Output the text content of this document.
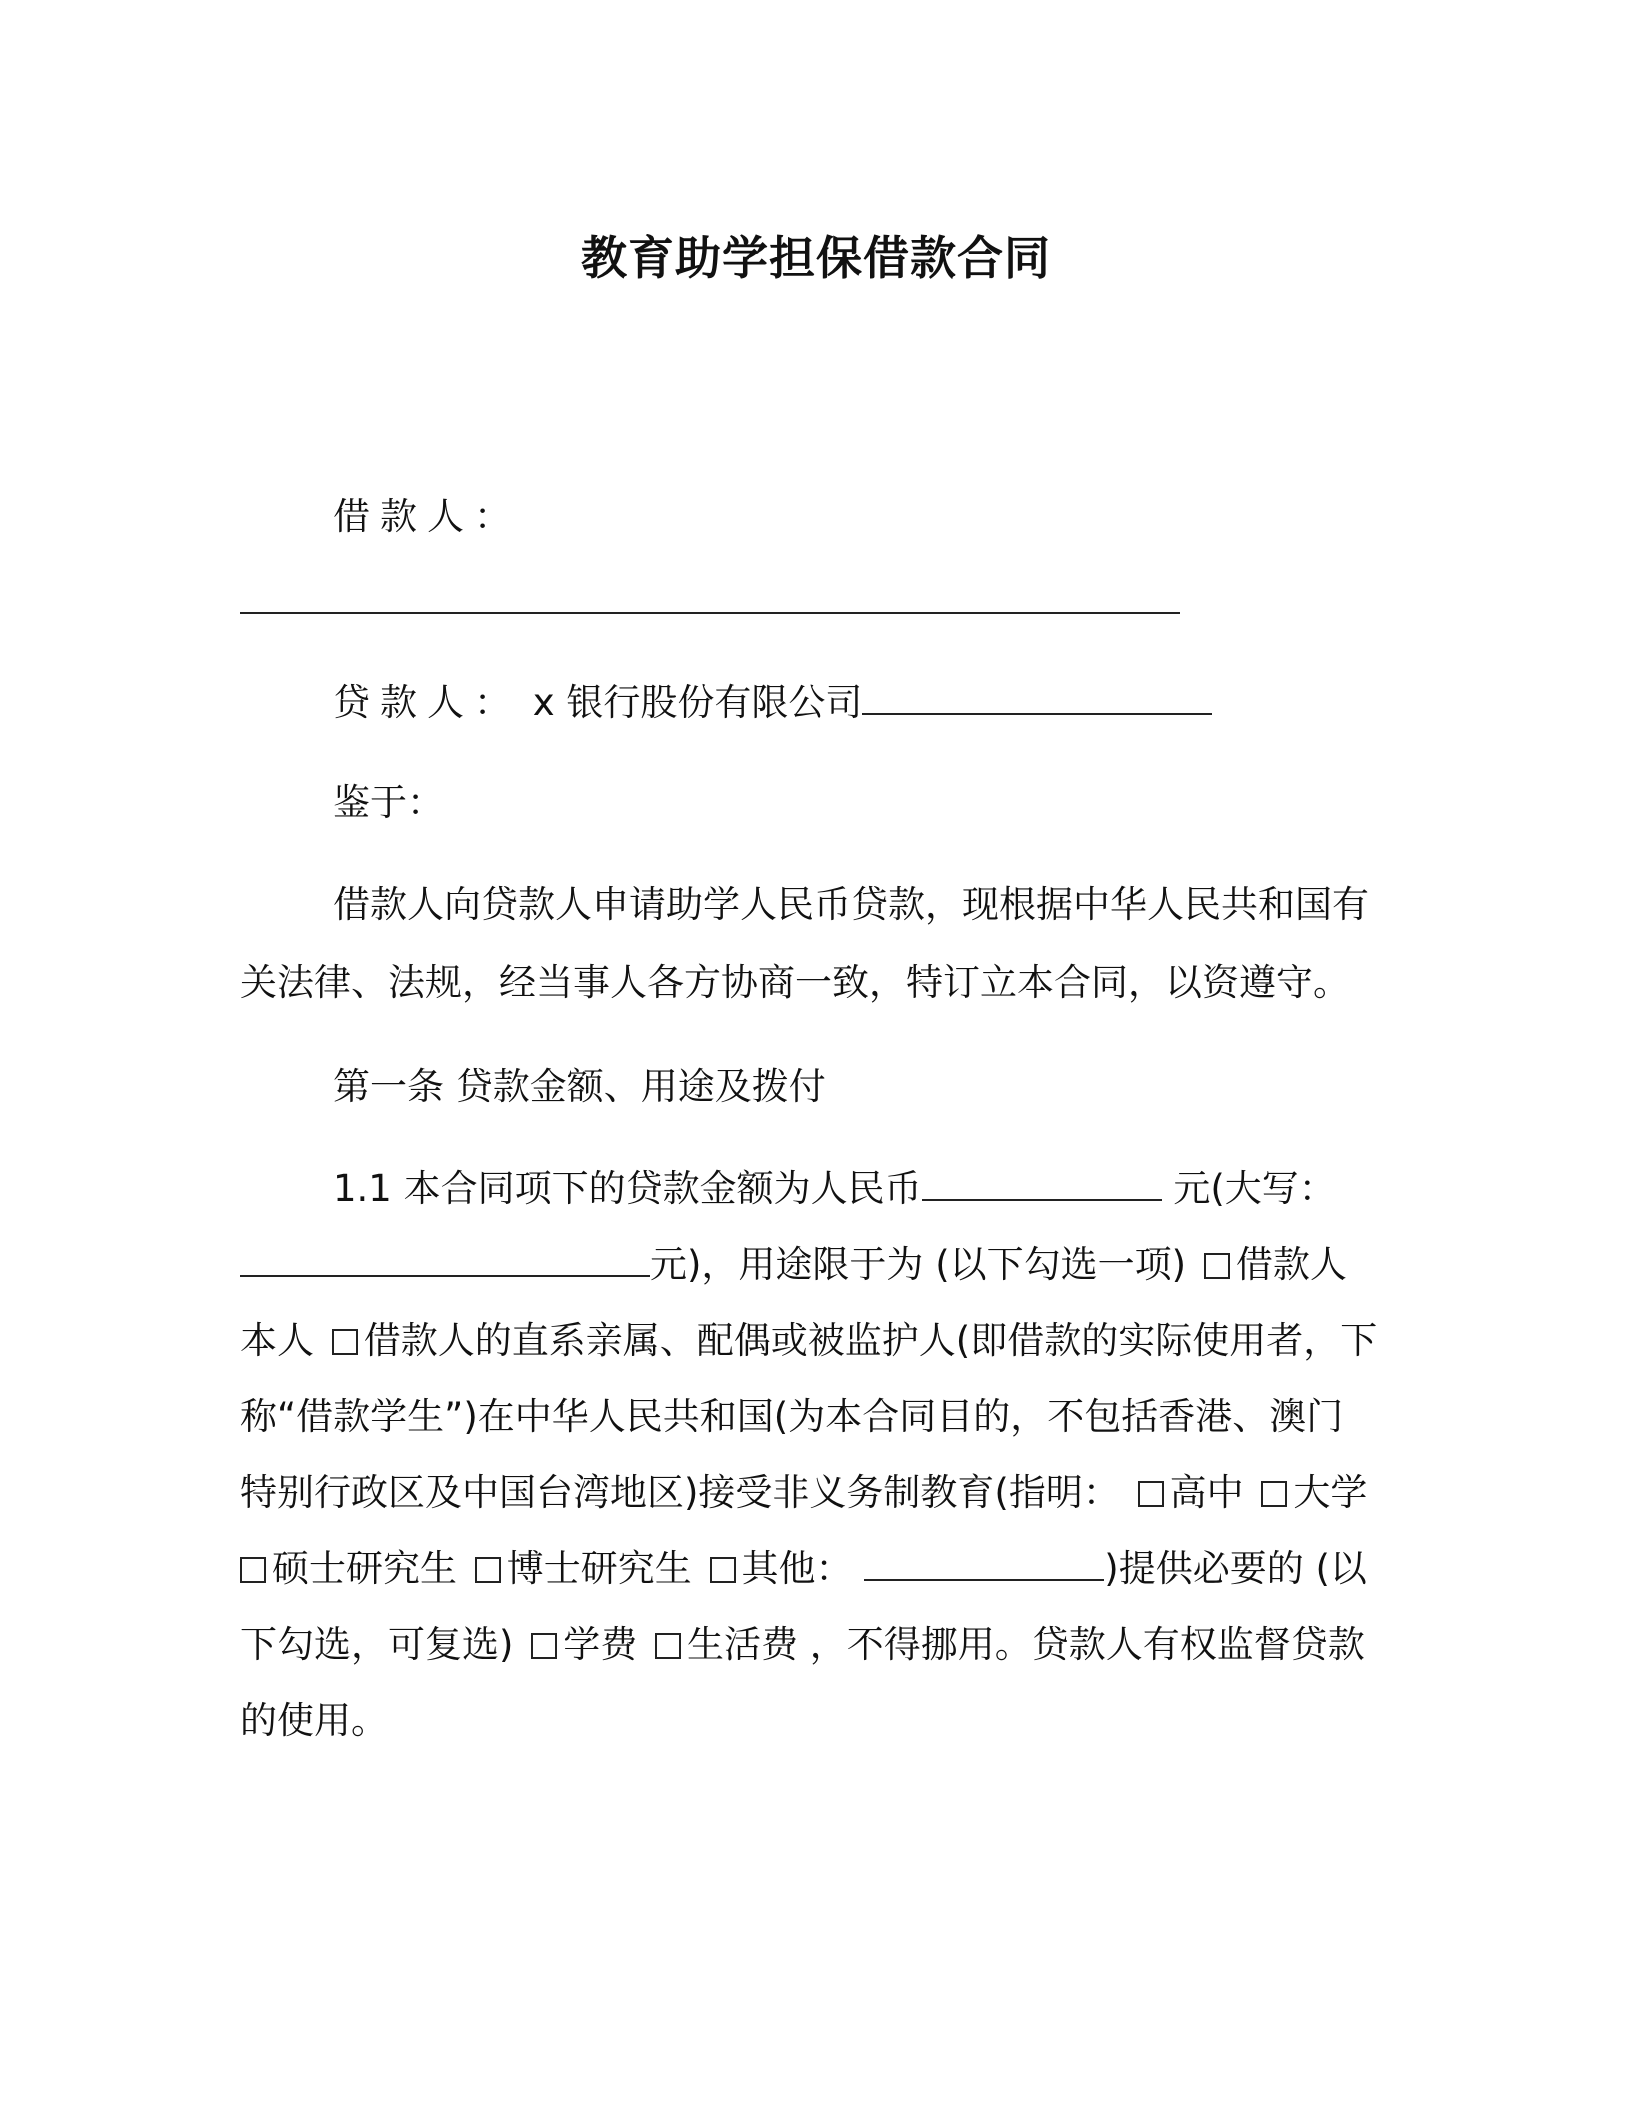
教育助学担保借款合同
借款人：
贷款人： x 银行股份有限公司
鉴于：
借款人向贷款人申请助学人民币贷款，现根据中华人民共和国有
关法律、法规，经当事人各方协商一致，特订立本合同，以资遵守。
第一条 贷款金额、用途及拨付
1.1 本合同项下的贷款金额为人民币	元(大写：
元)，用途限于为 (以下勾选一项) 借款人
本人 借款人的直系亲属、配偶或被监护人(即借款的实际使用者，下
称“借款学生”)在中华人民共和国(为本合同目的，不包括香港、澳门
特别行政区及中国台湾地区)接受非义务制教育(指明： 高中 大学
硕士研究生 博士研究生 其他：	)提供必要的 (以
下勾选，可复选) 学费 生活费 ，不得挪用。贷款人有权监督贷款
的使用。
